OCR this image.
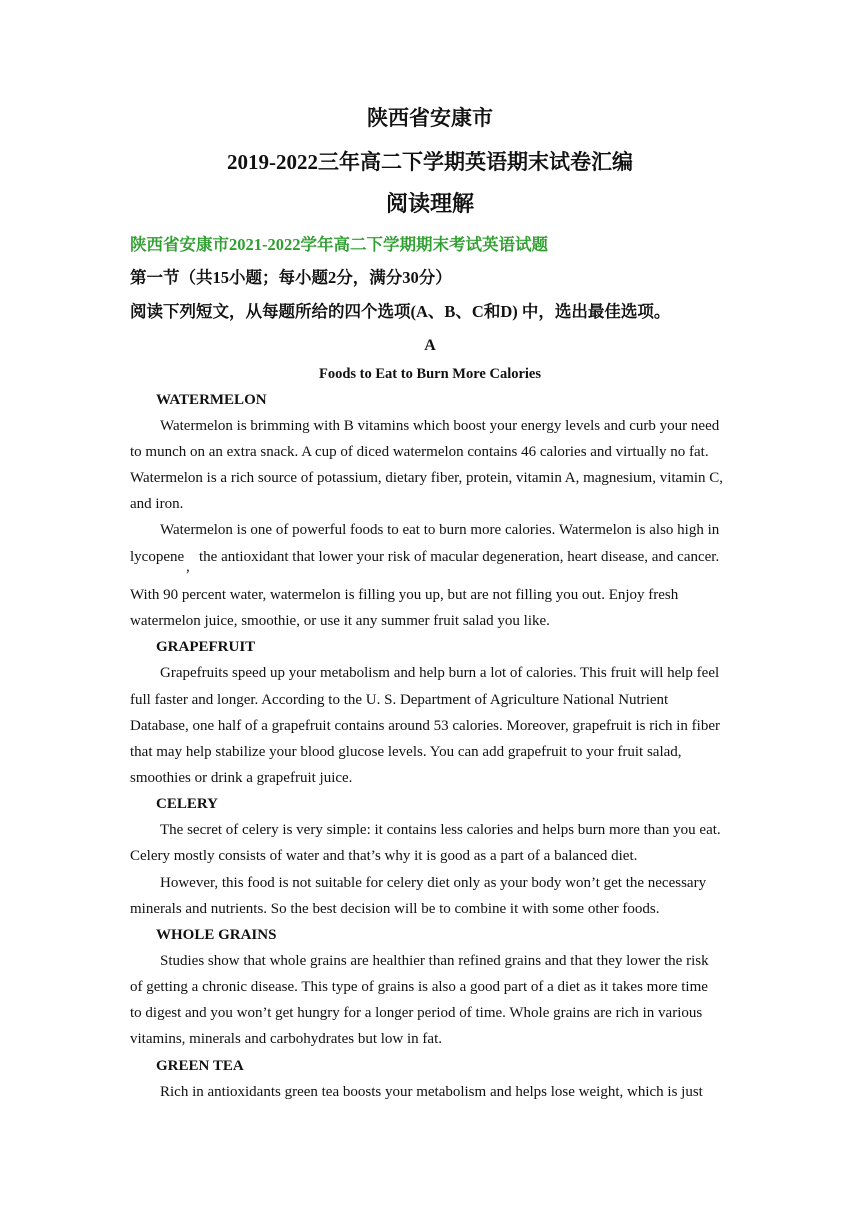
陕西省安康市
2019-2022三年高二下学期英语期末试卷汇编
阅读理解
陕西省安康市2021-2022学年高二下学期期末考试英语试题
第一节（共15小题；每小题2分，满分30分）
阅读下列短文，从每题所给的四个选项(A、B、C和D) 中，选出最佳选项。
A
Foods to Eat to Burn More Calories
WATERMELON
Watermelon is brimming with B vitamins which boost your energy levels and curb your need
to munch on an extra snack. A cup of diced watermelon contains 46 calories and virtually no fat.
Watermelon is a rich source of potassium, dietary fiber, protein, vitamin A, magnesium, vitamin C,
and iron.
Watermelon is one of powerful foods to eat to burn more calories. Watermelon is also high in
lycopene
,
the antioxidant that lower your risk of macular degeneration, heart disease, and cancer.
With 90 percent water, watermelon is filling you up, but are not filling you out. Enjoy fresh
watermelon juice, smoothie, or use it any summer fruit salad you like.
GRAPEFRUIT
Grapefruits speed up your metabolism and help burn a lot of calories. This fruit will help feel
full faster and longer. According to the U. S. Department of Agriculture National Nutrient
Database, one half of a grapefruit contains around 53 calories. Moreover, grapefruit is rich in fiber
that may help stabilize your blood glucose levels. You can add grapefruit to your fruit salad,
smoothies or drink a grapefruit juice.
CELERY
The secret of celery is very simple: it contains less calories and helps burn more than you eat.
Celery mostly consists of water and that’s why it is good as a part of a balanced diet.
However, this food is not suitable for celery diet only as your body won’t get the necessary
minerals and nutrients. So the best decision will be to combine it with some other foods.
WHOLE GRAINS
Studies show that whole grains are healthier than refined grains and that they lower the risk
of getting a chronic disease. This type of grains is also a good part of a diet as it takes more time
to digest and you won’t get hungry for a longer period of time. Whole grains are rich in various
vitamins, minerals and carbohydrates but low in fat.
GREEN TEA
Rich in antioxidants green tea boosts your metabolism and helps lose weight, which is just
